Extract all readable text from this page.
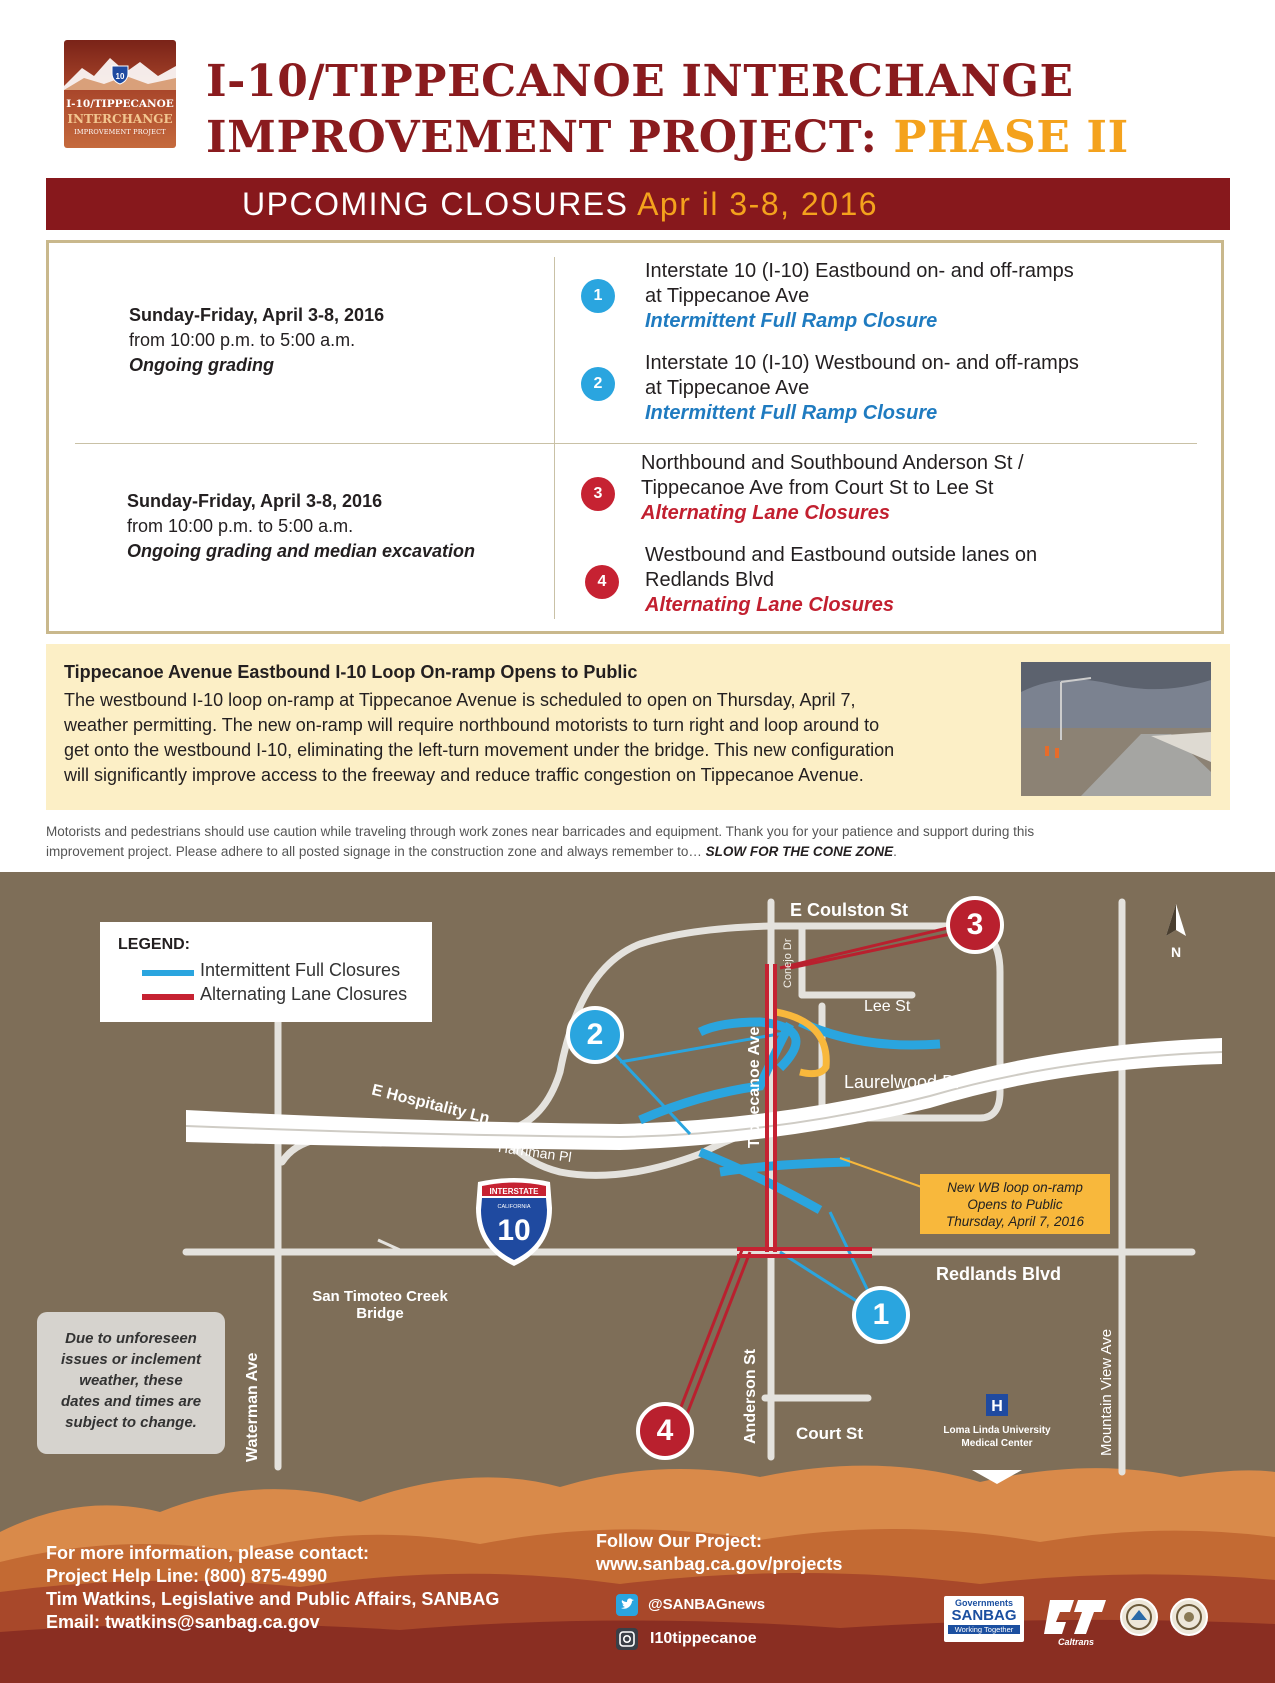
10
I-10/TIPPECANOE
INTERCHANGE
IMPROVEMENT PROJECT
I-10/TIPPECANOE INTERCHANGE
IMPROVEMENT PROJECT: PHASE II
UPCOMING CLOSURES Apr il 3-8, 2016
Sunday-Friday, April 3-8, 2016
from 10:00 p.m. to 5:00 a.m.
Ongoing grading
1
Interstate 10 (I-10) Eastbound on- and off-ramps
at Tippecanoe Ave
Intermittent Full Ramp Closure
2
Interstate 10 (I-10) Westbound on- and off-ramps
at Tippecanoe Ave
Intermittent Full Ramp Closure
Sunday-Friday, April 3-8, 2016
from 10:00 p.m. to 5:00 a.m.
Ongoing grading and median excavation
3
Northbound and Southbound Anderson St /
Tippecanoe Ave from Court St to Lee St
Alternating Lane Closures
4
Westbound and Eastbound outside lanes on
Redlands Blvd
Alternating Lane Closures
Tippecanoe Avenue Eastbound I-10 Loop On-ramp Opens to Public
The westbound I-10 loop on-ramp at Tippecanoe Avenue is scheduled to open on Thursday, April 7,
weather permitting. The new on-ramp will require northbound motorists to turn right and loop around to
get onto the westbound I-10, eliminating the left-turn movement under the bridge. This new configuration
will significantly improve access to the freeway and reduce traffic congestion on Tippecanoe Avenue.
Motorists and pedestrians should use caution while traveling through work zones near barricades and equipment. Thank you for your patience and support during this
improvement project. Please adhere to all posted signage in the construction zone and always remember to… SLOW FOR THE CONE ZONE.
INTERSTATE
CALIFORNIA
10
N
H
LEGEND:
Intermittent Full Closures
Alternating Lane Closures
E Coulston St
Conejo Dr
Lee St
Laurelwood Dr
Tippecanoe Ave
E Hospitality Ln
Harriman Pl
Redlands Blvd
San Timoteo Creek
Bridge
Anderson St Court St
Waterman Ave	Mountain View Ave
Loma Linda University
Medical Center
New WB loop on-ramp
Opens to Public
Thursday, April 7, 2016
1
2
3
4
Due to unforeseen
issues or inclement
weather, these
dates and times are
subject to change.
For more information, please contact:
Project Help Line: (800) 875-4990
Tim Watkins, Legislative and Public Affairs, SANBAG
Email: twatkins@sanbag.ca.gov
Follow Our Project:
www.sanbag.ca.gov/projects
@SANBAGnews
I10tippecanoe
Governments
SANBAG
Working Together
Caltrans
